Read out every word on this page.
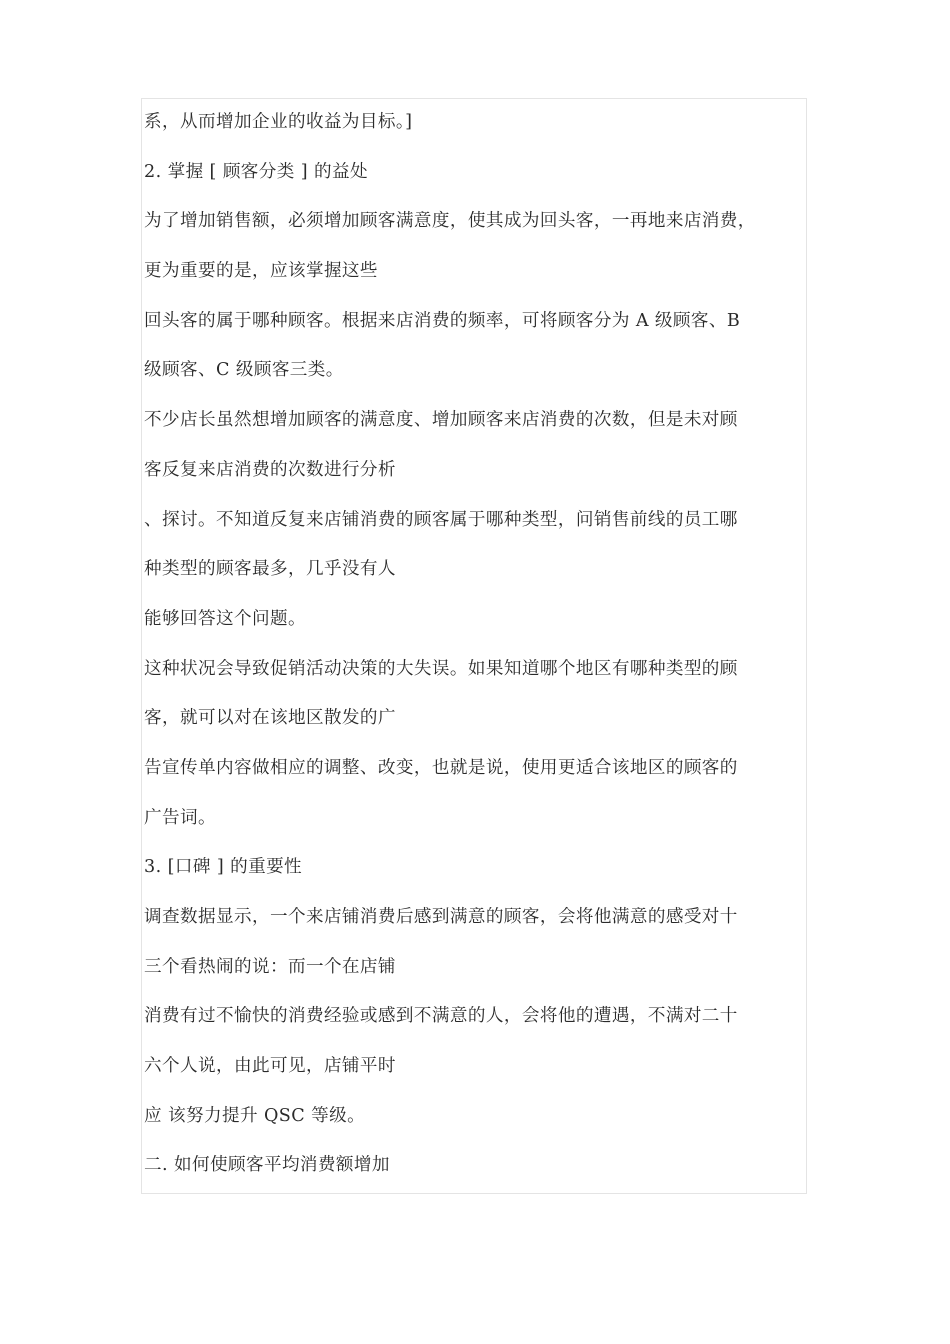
系，从而增加企业的收益为目标。]
2. 掌握 [ 顾客分类 ] 的益处
为了增加销售额，必须增加顾客满意度，使其成为回头客，一再地来店消费，
更为重要的是，应该掌握这些
回头客的属于哪种顾客。根据来店消费的频率，可将顾客分为 A 级顾客、B
级顾客、C 级顾客三类。
不少店长虽然想增加顾客的满意度、增加顾客来店消费的次数，但是未对顾
客反复来店消费的次数进行分析
、探讨。不知道反复来店铺消费的顾客属于哪种类型，问销售前线的员工哪
种类型的顾客最多，几乎没有人
能够回答这个问题。
这种状况会导致促销活动决策的大失误。如果知道哪个地区有哪种类型的顾
客，就可以对在该地区散发的广
告宣传单内容做相应的调整、改变，也就是说，使用更适合该地区的顾客的
广告词。
3. [口碑 ] 的重要性
调查数据显示，一个来店铺消费后感到满意的顾客，会将他满意的感受对十
三个看热闹的说：而一个在店铺
消费有过不愉快的消费经验或感到不满意的人，会将他的遭遇，不满对二十
六个人说，由此可见，店铺平时
应 该努力提升 QSC 等级。
二. 如何使顾客平均消费额增加
